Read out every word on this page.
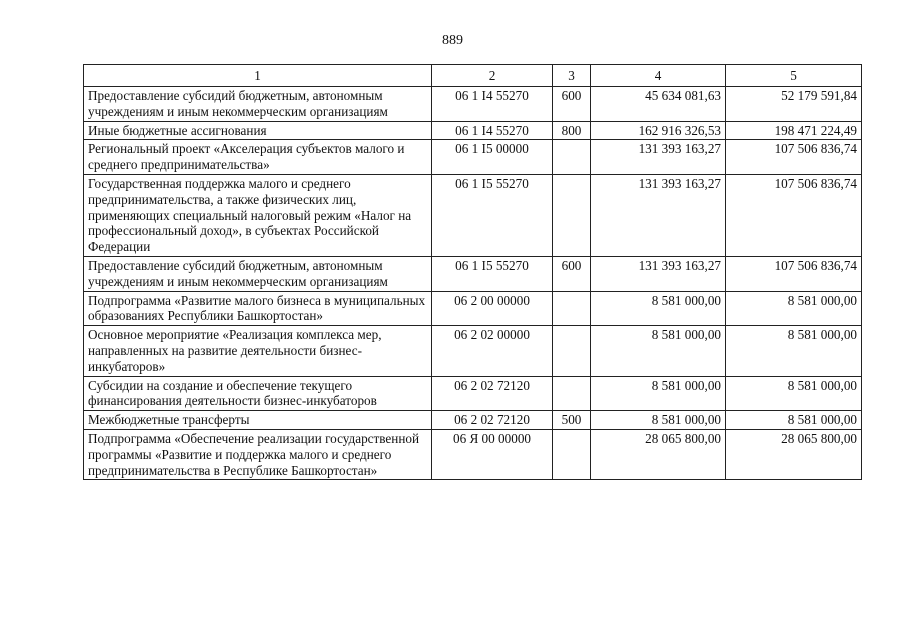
889
1	2	3	4	5
Предоставление субсидий бюджетным, автономным учреждениям и иным некоммерческим организациям	06 1 I4 55270	600	45 634 081,63	52 179 591,84
Иные бюджетные ассигнования	06 1 I4 55270	800	162 916 326,53	198 471 224,49
Региональный проект «Акселерация субъектов малого и среднего предпринимательства»	06 1 I5 00000		131 393 163,27	107 506 836,74
Государственная поддержка малого и среднего предпринимательства, а также физических лиц, применяющих специальный налоговый режим «Налог на профессиональный доход», в субъектах Российской Федерации	06 1 I5 55270		131 393 163,27	107 506 836,74
Предоставление субсидий бюджетным, автономным учреждениям и иным некоммерческим организациям	06 1 I5 55270	600	131 393 163,27	107 506 836,74
Подпрограмма «Развитие малого бизнеса в муниципальных образованиях Республики Башкортостан»	06 2 00 00000		8 581 000,00	8 581 000,00
Основное мероприятие «Реализация комплекса мер, направленных на развитие деятельности бизнес-инкубаторов»	06 2 02 00000		8 581 000,00	8 581 000,00
Субсидии на создание и обеспечение текущего финансирования деятельности бизнес-инкубаторов	06 2 02 72120		8 581 000,00	8 581 000,00
Межбюджетные трансферты	06 2 02 72120	500	8 581 000,00	8 581 000,00
Подпрограмма «Обеспечение реализации государственной программы «Развитие и поддержка малого и среднего предпринимательства в Республике Башкортостан»	06 Я 00 00000		28 065 800,00	28 065 800,00
